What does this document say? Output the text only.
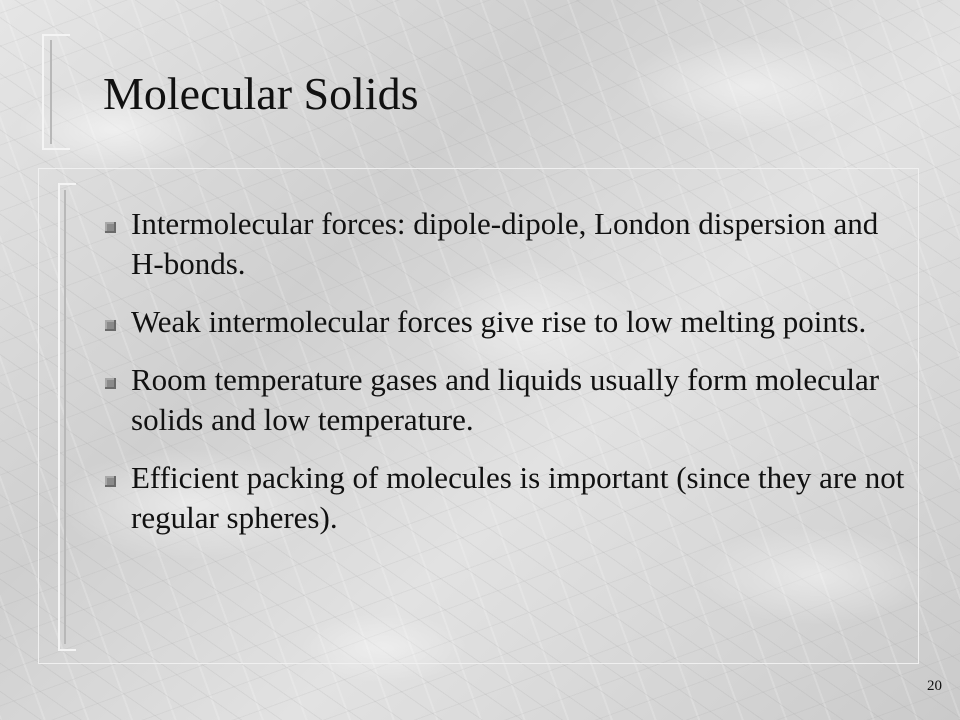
Molecular Solids
Intermolecular forces: dipole-dipole, London dispersion and H-bonds.
Weak intermolecular forces give rise to low melting points.
Room temperature gases and liquids usually form molecular solids and low temperature.
Efficient packing of molecules is important (since they are not regular spheres).
20
